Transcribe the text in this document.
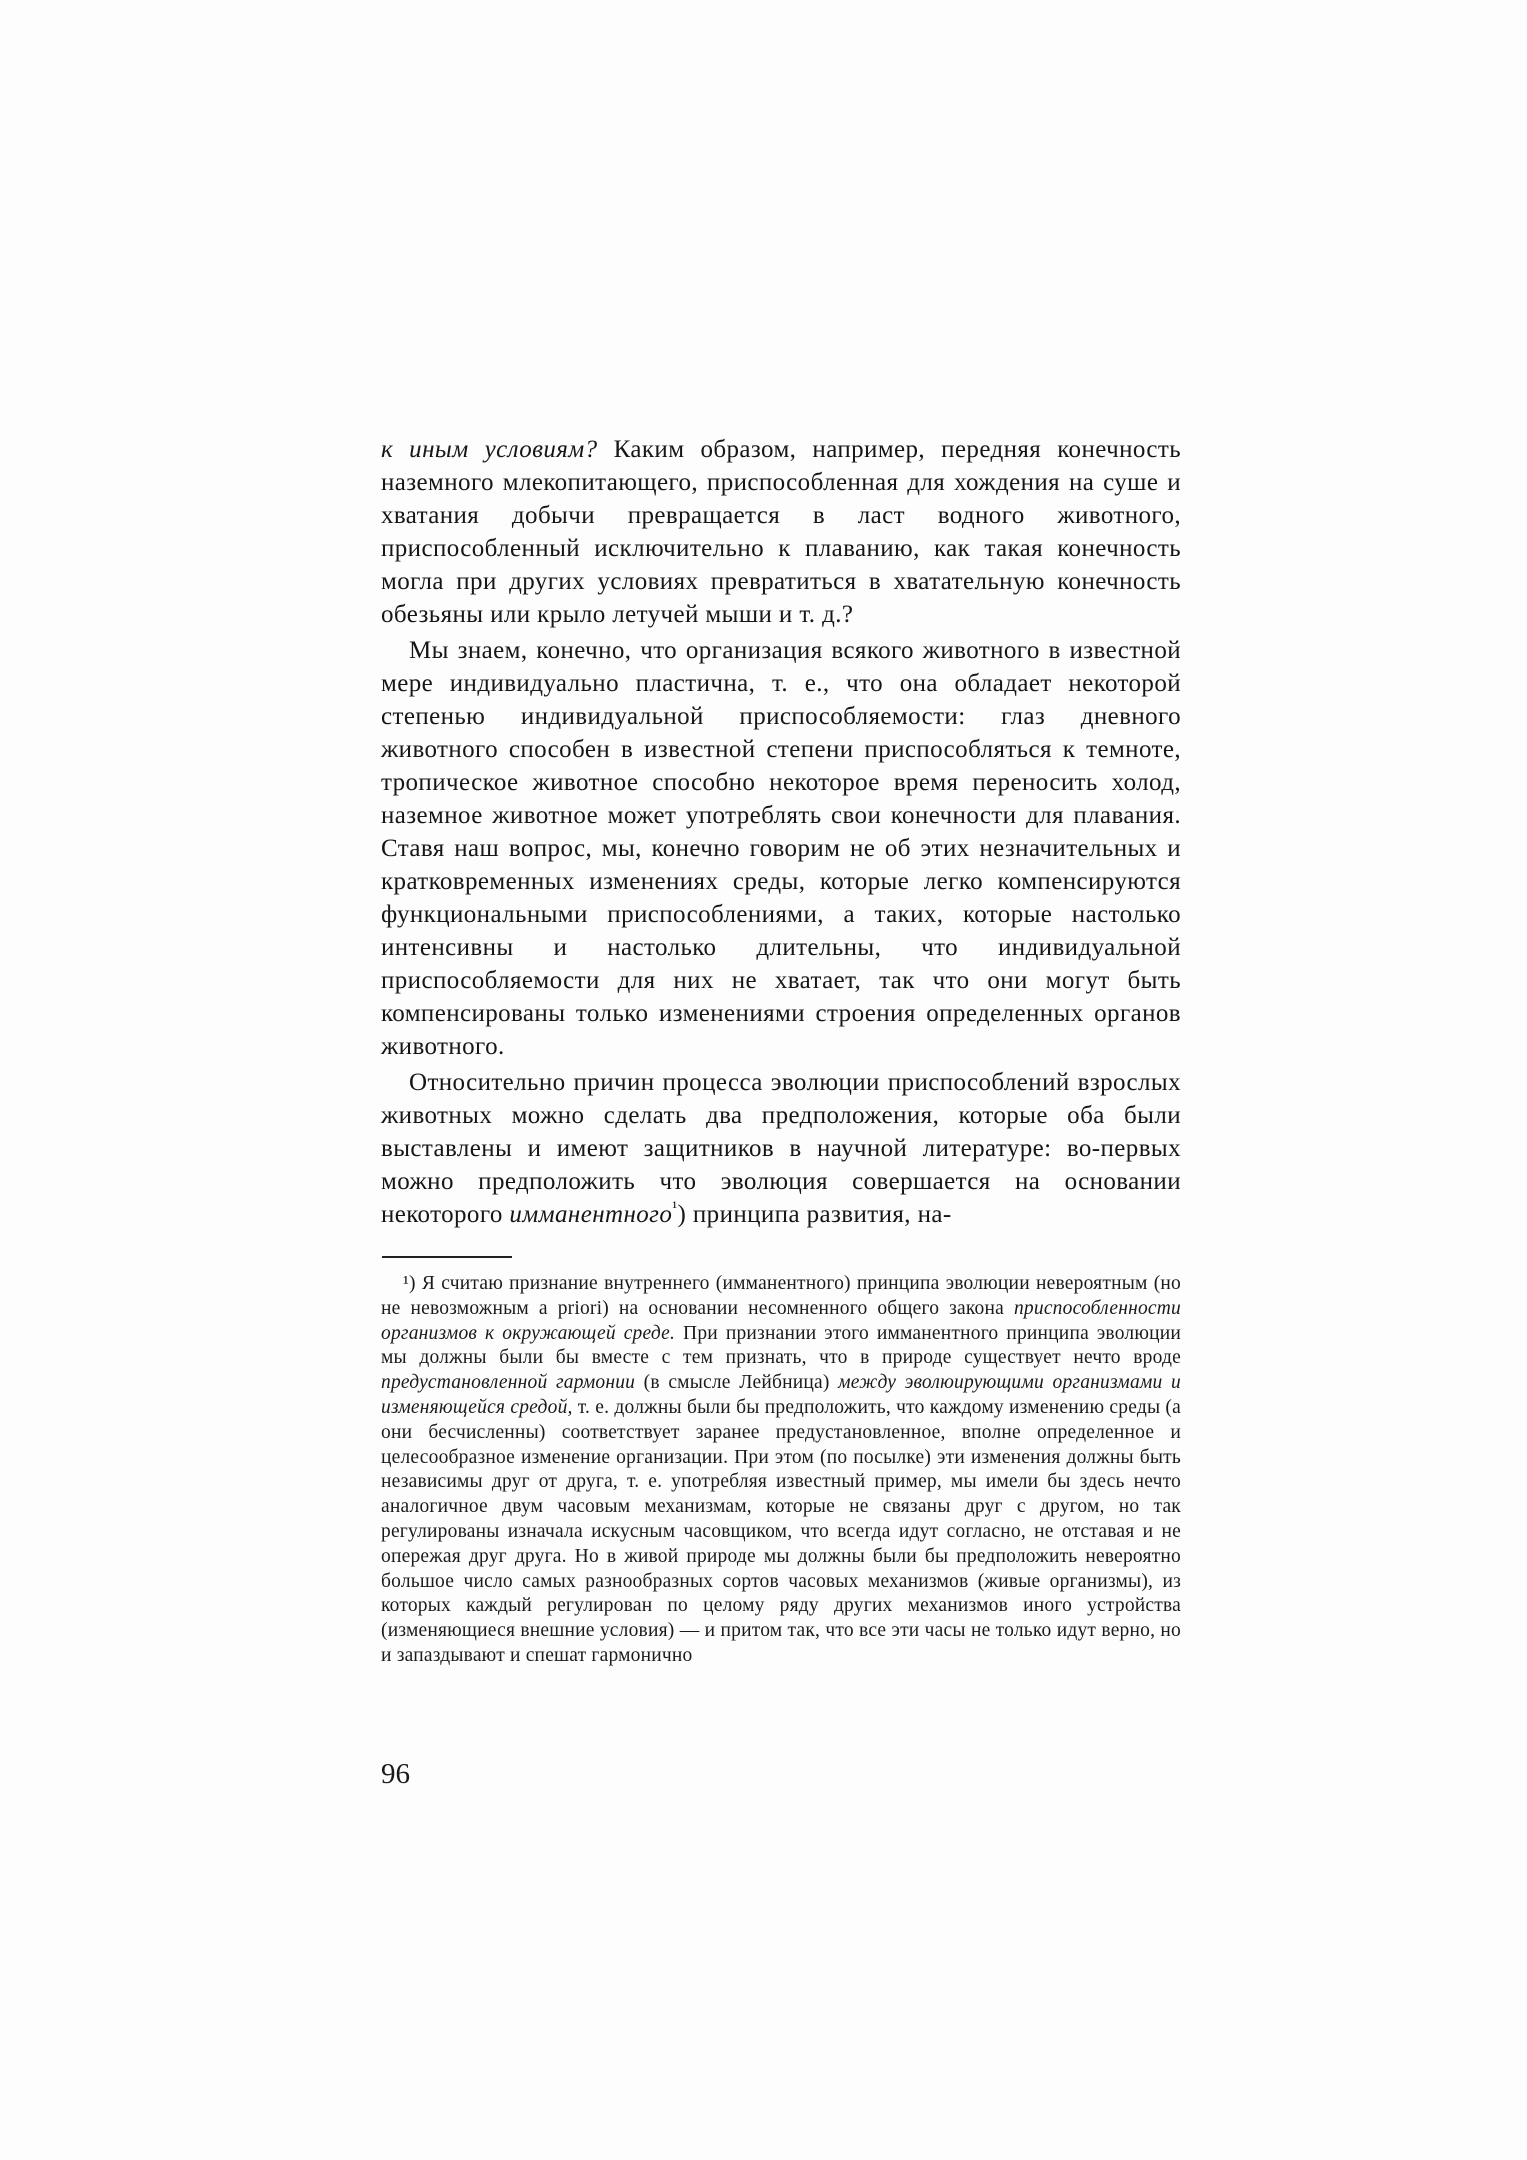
к иным условиям? Каким образом, например, передняя конечность наземного млекопитающего, приспособленная для хождения на суше и хватания добычи превращается в ласт водного животного, приспособленный исключительно к плаванию, как такая конечность могла при других условиях превратиться в хватательную конечность обезьяны или крыло летучей мыши и т. д.?

Мы знаем, конечно, что организация всякого животного в известной мере индивидуально пластична, т. е., что она обладает некоторой степенью индивидуальной приспособляемости: глаз дневного животного способен в известной степени приспособляться к темноте, тропическое животное способно некоторое время переносить холод, наземное животное может употреблять свои конечности для плавания. Ставя наш вопрос, мы, конечно говорим не об этих незначительных и кратковременных изменениях среды, которые легко компенсируются функциональными приспособлениями, а таких, которые настолько интенсивны и настолько длительны, что индивидуальной приспособляемости для них не хватает, так что они могут быть компенсированы только изменениями строения определенных органов животного.

Относительно причин процесса эволюции приспособлений взрослых животных можно сделать два предположения, которые оба были выставлены и имеют защитников в научной литературе: во-первых можно предположить что эволюция совершается на основании некоторого имманентного$^{^1}$) принципа развития, на-

¹) Я считаю признание внутреннего (имманентного) принципа эволюции невероятным (но не невозможным a priori) на основании несомненного общего закона приспособленности организмов к окружающей среде. При признании этого имманентного принципа эволюции мы должны были бы вместе с тем признать, что в природе существует нечто вроде предустановленной гармонии (в смысле Лейбница) между эволюирующими организмами и изменяющейся средой, т. е. должны были бы предположить, что каждому изменению среды (а они бесчисленны) соответствует заранее предустановленное, вполне определенное и целесообразное изменение организации. При этом (по посылке) эти изменения должны быть независимы друг от друга, т. е. употребляя известный пример, мы имели бы здесь нечто аналогичное двум часовым механизмам, которые не связаны друг с другом, но так регулированы изначала искусным часовщиком, что всегда идут согласно, не отставая и не опережая друг друга. Но в живой природе мы должны были бы предположить невероятно большое число самых разнообразных сортов часовых механизмов (живые организмы), из которых каждый регулирован по целому ряду других механизмов иного устройства (изменяющиеся внешние условия) — и притом так, что все эти часы не только идут верно, но и запаздывают и спешат гармонично

96
